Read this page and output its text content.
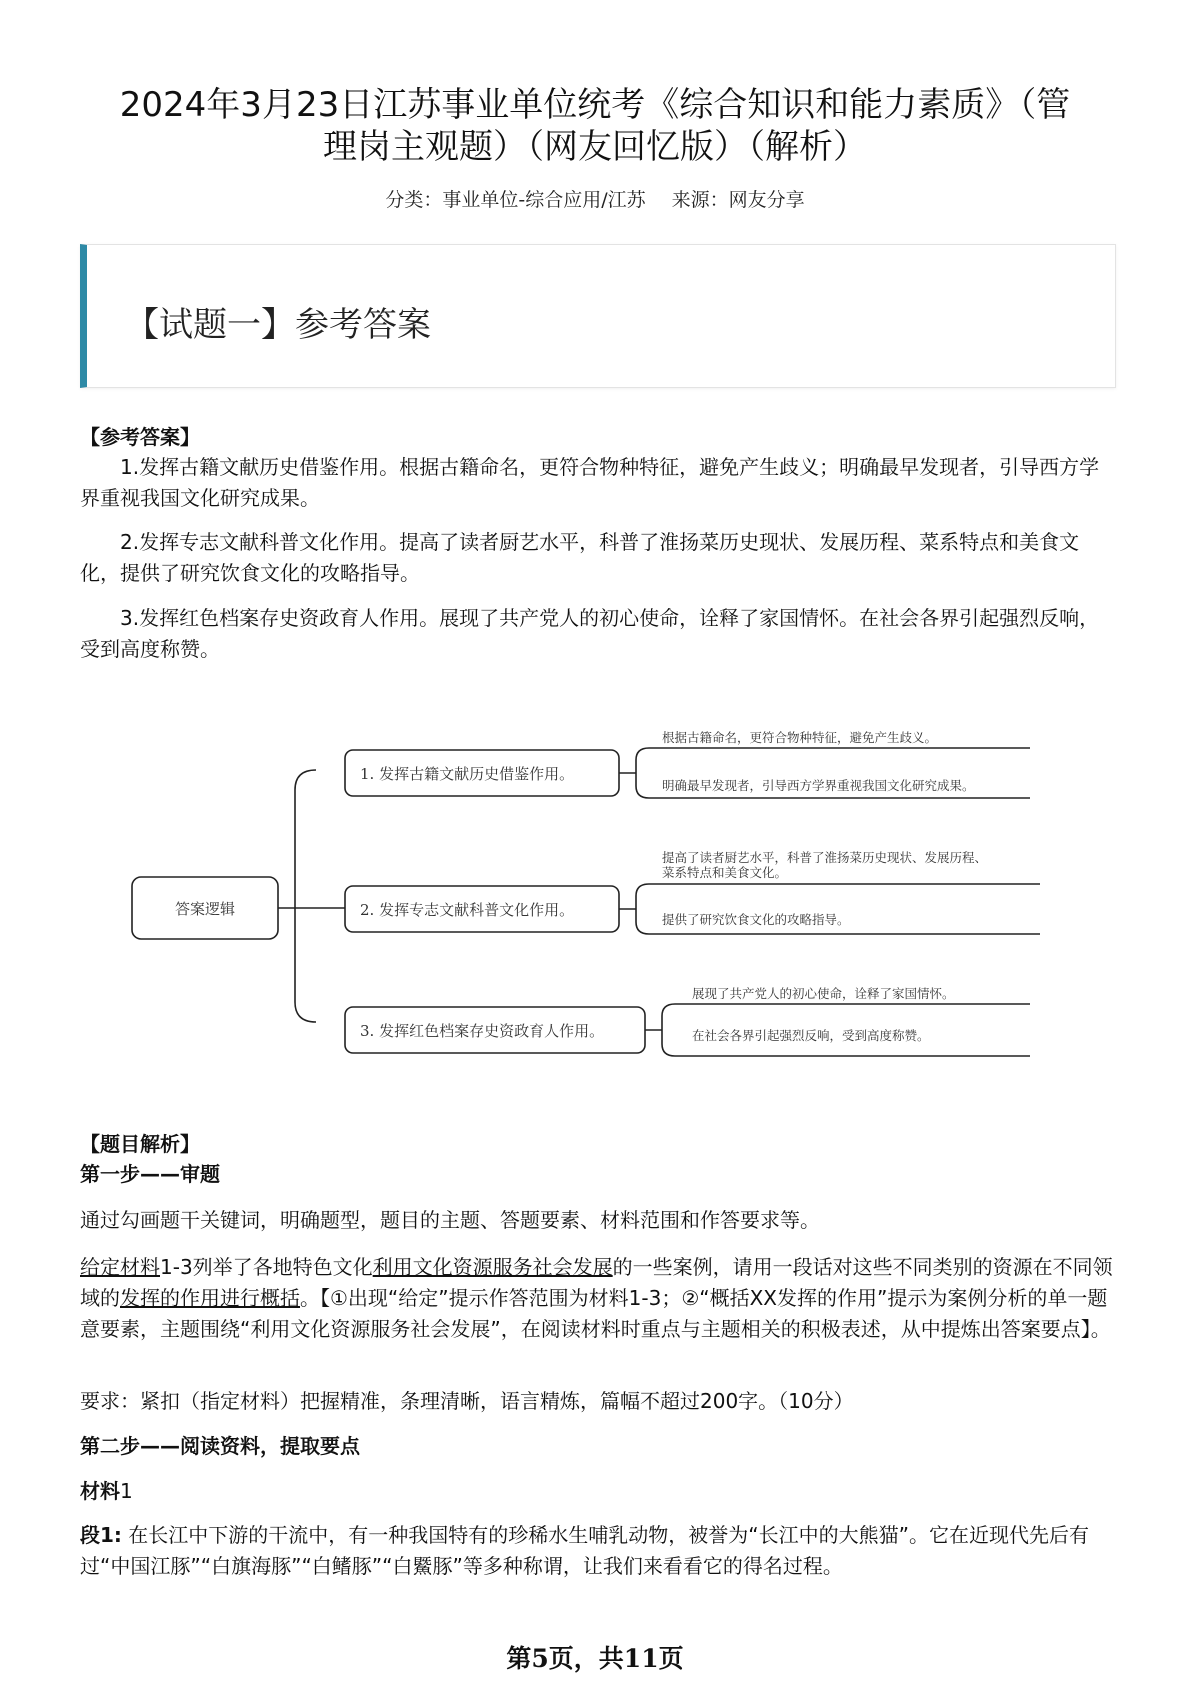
2024年3月23日江苏事业单位统考《综合知识和能力素质》（管
理岗主观题）（网友回忆版）（解析）
分类：事业单位-综合应用/江苏 来源：网友分享
【试题一】参考答案
【参考答案】
1.发挥古籍文献历史借鉴作用。根据古籍命名，更符合物种特征，避免产生歧义；明确最早发现者，引导西方学界重视我国文化研究成果。
2.发挥专志文献科普文化作用。提高了读者厨艺水平，科普了淮扬菜历史现状、发展历程、菜系特点和美食文化，提供了研究饮食文化的攻略指导。
3.发挥红色档案存史资政育人作用。展现了共产党人的初心使命，诠释了家国情怀。在社会各界引起强烈反响，受到高度称赞。
答案逻辑
1. 发挥古籍文献历史借鉴作用。
2. 发挥专志文献科普文化作用。
3. 发挥红色档案存史资政育人作用。
根据古籍命名，更符合物种特征，避免产生歧义。
明确最早发现者，引导西方学界重视我国文化研究成果。
提高了读者厨艺水平，科普了淮扬菜历史现状、发展历程、
菜系特点和美食文化。
提供了研究饮食文化的攻略指导。
展现了共产党人的初心使命，诠释了家国情怀。
在社会各界引起强烈反响，受到高度称赞。
【题目解析】
第一步——审题
通过勾画题干关键词，明确题型，题目的主题、答题要素、材料范围和作答要求等。
给定材料1-3列举了各地特色文化利用文化资源服务社会发展的一些案例，请用一段话对这些不同类别的资源在不同领域的发挥的作用进行概括。【①出现“给定”提示作答范围为材料1-3；②“概括XX发挥的作用”提示为案例分析的单一题意要素，主题围绕“利用文化资源服务社会发展”，在阅读材料时重点与主题相关的积极表述，从中提炼出答案要点】。
要求：紧扣（指定材料）把握精准，条理清晰，语言精炼，篇幅不超过200字。（10分）
第二步——阅读资料，提取要点
材料1
段1: 在长江中下游的干流中，有一种我国特有的珍稀水生哺乳动物，被誉为“长江中的大熊猫”。它在近现代先后有过“中国江豚”“白旗海豚”“白鳍豚”“白鱀豚”等多种称谓，让我们来看看它的得名过程。
第5页，共11页
